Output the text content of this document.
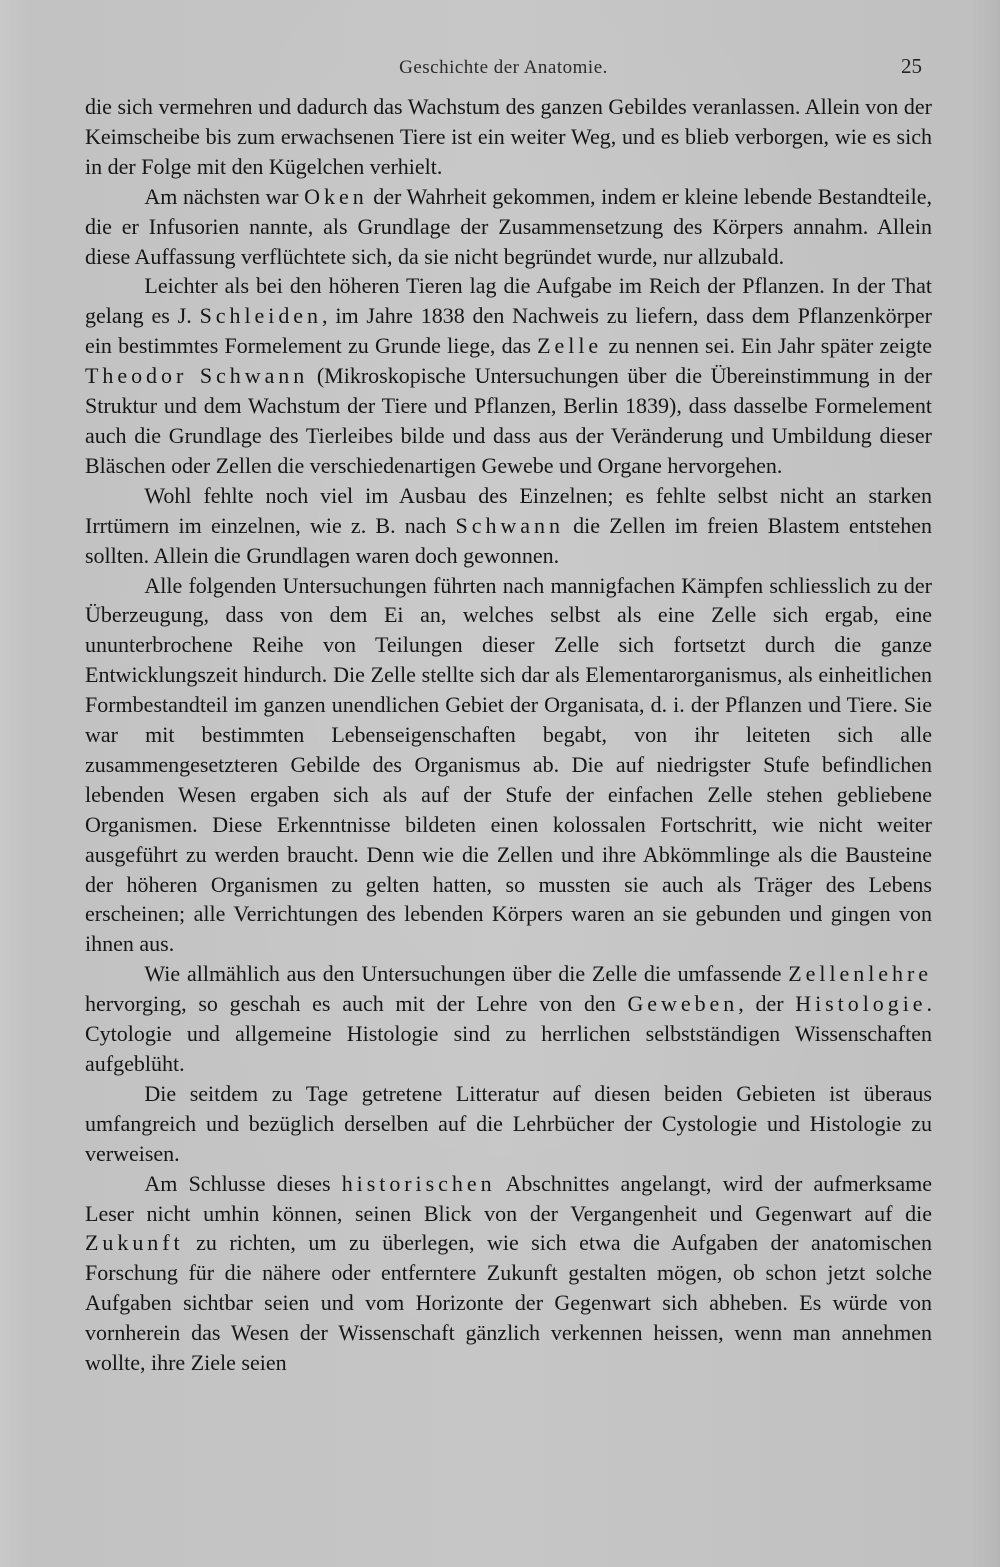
Geschichte der Anatomie.	25

die sich vermehren und dadurch das Wachstum des ganzen Gebildes veranlassen. Allein von der Keimscheibe bis zum erwachsenen Tiere ist ein weiter Weg, und es blieb verborgen, wie es sich in der Folge mit den Kügelchen verhielt.

Am nächsten war Oken der Wahrheit gekommen, indem er kleine lebende Bestandteile, die er Infusorien nannte, als Grundlage der Zusammensetzung des Körpers annahm. Allein diese Auffassung verflüchtete sich, da sie nicht begründet wurde, nur allzubald.

Leichter als bei den höheren Tieren lag die Aufgabe im Reich der Pflanzen. In der That gelang es J. Schleiden, im Jahre 1838 den Nachweis zu liefern, dass dem Pflanzenkörper ein bestimmtes Formelement zu Grunde liege, das Zelle zu nennen sei. Ein Jahr später zeigte Theodor Schwann (Mikroskopische Untersuchungen über die Übereinstimmung in der Struktur und dem Wachstum der Tiere und Pflanzen, Berlin 1839), dass dasselbe Formelement auch die Grundlage des Tierleibes bilde und dass aus der Veränderung und Umbildung dieser Bläschen oder Zellen die verschiedenartigen Gewebe und Organe hervorgehen.

Wohl fehlte noch viel im Ausbau des Einzelnen; es fehlte selbst nicht an starken Irrtümern im einzelnen, wie z. B. nach Schwann die Zellen im freien Blastem entstehen sollten. Allein die Grundlagen waren doch gewonnen.

Alle folgenden Untersuchungen führten nach mannigfachen Kämpfen schliesslich zu der Überzeugung, dass von dem Ei an, welches selbst als eine Zelle sich ergab, eine ununterbrochene Reihe von Teilungen dieser Zelle sich fortsetzt durch die ganze Entwicklungszeit hindurch. Die Zelle stellte sich dar als Elementarorganismus, als einheitlichen Formbestandteil im ganzen unendlichen Gebiet der Organisata, d. i. der Pflanzen und Tiere. Sie war mit bestimmten Lebenseigenschaften begabt, von ihr leiteten sich alle zusammengesetzteren Gebilde des Organismus ab. Die auf niedrigster Stufe befindlichen lebenden Wesen ergaben sich als auf der Stufe der einfachen Zelle stehen gebliebene Organismen. Diese Erkenntnisse bildeten einen kolossalen Fortschritt, wie nicht weiter ausgeführt zu werden braucht. Denn wie die Zellen und ihre Abkömmlinge als die Bausteine der höheren Organismen zu gelten hatten, so mussten sie auch als Träger des Lebens erscheinen; alle Verrichtungen des lebenden Körpers waren an sie gebunden und gingen von ihnen aus.

Wie allmählich aus den Untersuchungen über die Zelle die umfassende Zellenlehre hervorging, so geschah es auch mit der Lehre von den Geweben, der Histologie. Cytologie und allgemeine Histologie sind zu herrlichen selbstständigen Wissenschaften aufgeblüht.

Die seitdem zu Tage getretene Litteratur auf diesen beiden Gebieten ist überaus umfangreich und bezüglich derselben auf die Lehrbücher der Cystologie und Histologie zu verweisen.

Am Schlusse dieses historischen Abschnittes angelangt, wird der aufmerksame Leser nicht umhin können, seinen Blick von der Vergangenheit und Gegenwart auf die Zukunft zu richten, um zu überlegen, wie sich etwa die Aufgaben der anatomischen Forschung für die nähere oder entferntere Zukunft gestalten mögen, ob schon jetzt solche Aufgaben sichtbar seien und vom Horizonte der Gegenwart sich abheben. Es würde von vornherein das Wesen der Wissenschaft gänzlich verkennen heissen, wenn man annehmen wollte, ihre Ziele seien
